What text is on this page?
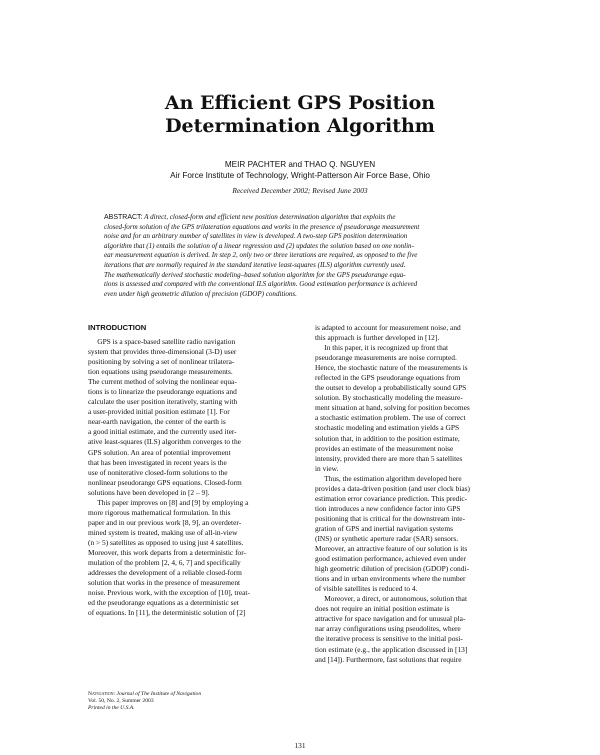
An Efficient GPS Position
Determination Algorithm
MEIR PACHTER and THAO Q. NGUYEN
Air Force Institute of Technology, Wright-Patterson Air Force Base, Ohio
Received December 2002; Revised June 2003
ABSTRACT: A direct, closed-form and efficient new position determination algorithm that exploits the
closed-form solution of the GPS trilateration equations and works in the presence of pseudorange measurement
noise and for an arbitrary number of satellites in view is developed. A two-step GPS position determination
algorithm that (1) entails the solution of a linear regression and (2) updates the solution based on one nonlin-
ear measurement equation is derived. In step 2, only two or three iterations are required, as opposed to the five
iterations that are normally required in the standard iterative least-squares (ILS) algorithm currently used.
The mathematically derived stochastic modeling–based solution algorithm for the GPS pseudorange equa-
tions is assessed and compared with the conventional ILS algorithm. Good estimation performance is achieved
even under high geometric dilution of precision (GDOP) conditions.
INTRODUCTION
GPS is a space-based satellite radio navigation
system that provides three-dimensional (3-D) user
positioning by solving a set of nonlinear trilatera-
tion equations using pseudorange measurements.
The current method of solving the nonlinear equa-
tions is to linearize the pseudorange equations and
calculate the user position iteratively, starting with
a user-provided initial position estimate [1]. For
near-earth navigation, the center of the earth is
a good initial estimate, and the currently used iter-
ative least-squares (ILS) algorithm converges to the
GPS solution. An area of potential improvement
that has been investigated in recent years is the
use of noniterative closed-form solutions to the
nonlinear pseudorange GPS equations. Closed-form
solutions have been developed in [2 – 9].
This paper improves on [8] and [9] by employing a
more rigorous mathematical formulation. In this
paper and in our previous work [8, 9], an overdeter-
mined system is treated, making use of all-in-view
(n > 5) satellites as opposed to using just 4 satellites.
Moreover, this work departs from a deterministic for-
mulation of the problem [2, 4, 6, 7] and specifically
addresses the development of a reliable closed-form
solution that works in the presence of measurement
noise. Previous work, with the exception of [10], treat-
ed the pseudorange equations as a deterministic set
of equations. In [11], the deterministic solution of [2]
is adapted to account for measurement noise, and
this approach is further developed in [12].
In this paper, it is recognized up front that
pseudorange measurements are noise corrupted.
Hence, the stochastic nature of the measurements is
reflected in the GPS pseudorange equations from
the outset to develop a probabilistically sound GPS
solution. By stochastically modeling the measure-
ment situation at hand, solving for position becomes
a stochastic estimation problem. The use of correct
stochastic modeling and estimation yields a GPS
solution that, in addition to the position estimate,
provides an estimate of the measurement noise
intensity, provided there are more than 5 satellites
in view.
Thus, the estimation algorithm developed here
provides a data-driven position (and user clock bias)
estimation error covariance prediction. This predic-
tion introduces a new confidence factor into GPS
positioning that is critical for the downstream inte-
gration of GPS and inertial navigation systems
(INS) or synthetic aperture radar (SAR) sensors.
Moreover, an attractive feature of our solution is its
good estimation performance, achieved even under
high geometric dilution of precision (GDOP) condi-
tions and in urban environments where the number
of visible satellites is reduced to 4.
Moreover, a direct, or autonomous, solution that
does not require an initial position estimate is
attractive for space navigation and for unusual pla-
nar array configurations using pseudolites, where
the iterative process is sensitive to the initial posi-
tion estimate (e.g., the application discussed in [13]
and [14]). Furthermore, fast solutions that require
Navigation: Journal of The Institute of Navigation
Vol. 50, No. 2, Summer 2003
Printed in the U.S.A.
131
